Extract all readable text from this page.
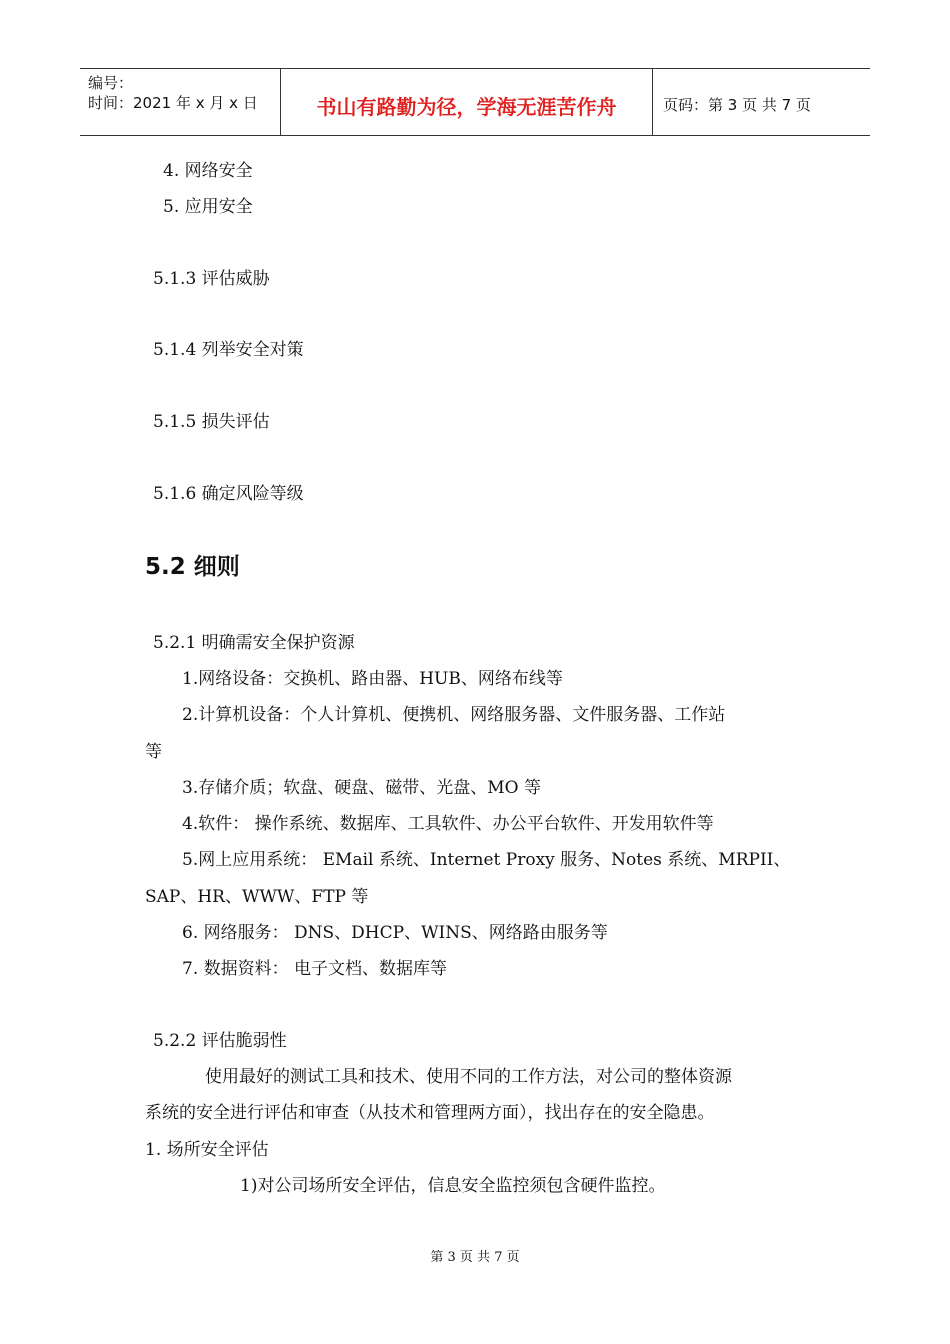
编号：
时间：2021 年 x 月 x 日	书山有路勤为径，学海无涯苦作舟	页码：第 3 页 共 7 页
4. 网络安全
5. 应用安全
5.1.3 评估威胁
5.1.4 列举安全对策
5.1.5 损失评估
5.1.6 确定风险等级
5.2 细则
5.2.1 明确需安全保护资源
1.网络设备：交换机、路由器、HUB、网络布线等
2.计算机设备：个人计算机、便携机、网络服务器、文件服务器、工作站
等
3.存储介质；软盘、硬盘、磁带、光盘、MO 等
4.软件： 操作系统、数据库、工具软件、办公平台软件、开发用软件等
5.网上应用系统： EMail 系统、Internet Proxy 服务、Notes 系统、MRPII、
SAP、HR、WWW、FTP 等
6. 网络服务： DNS、DHCP、WINS、网络路由服务等
7. 数据资料： 电子文档、数据库等
5.2.2 评估脆弱性
使用最好的测试工具和技术、使用不同的工作方法，对公司的整体资源
系统的安全进行评估和审查（从技术和管理两方面），找出存在的安全隐患。
1. 场所安全评估
1)对公司场所安全评估，信息安全监控须包含硬件监控。
第 3 页 共 7 页
